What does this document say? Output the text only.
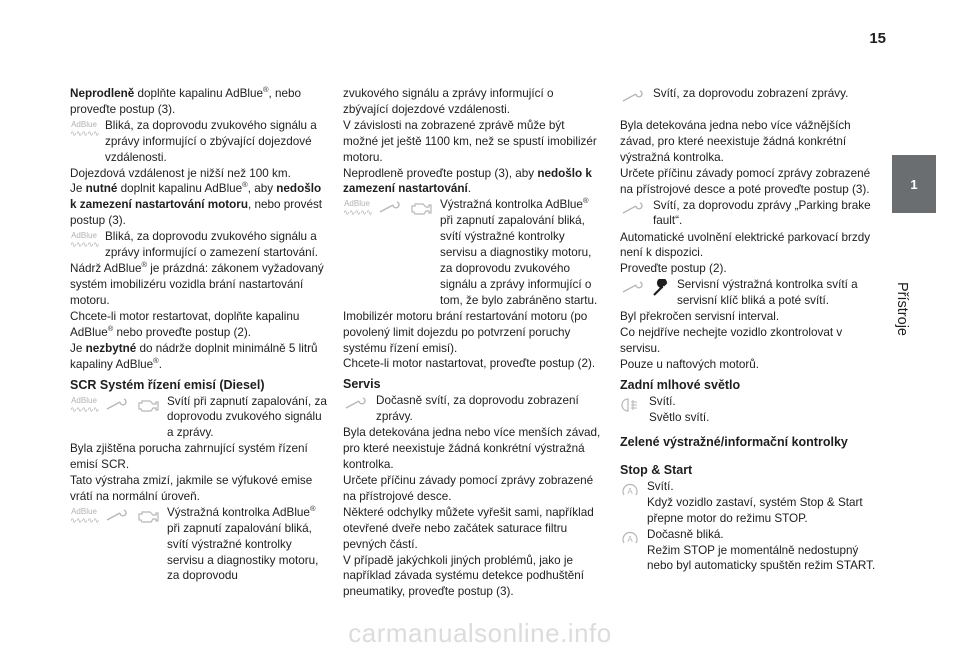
15
1
Přístroje

Neprodleně doplňte kapalinu AdBlue®, nebo proveďte postup (3).

AdBlue
∿∿∿∿∿
Bliká, za doprovodu zvukového signálu a zprávy informující o zbývající dojezdové vzdálenosti.

Dojezdová vzdálenost je nižší než 100 km.

Je nutné doplnit kapalinu AdBlue®, aby nedošlo k zamezení nastartování motoru, nebo provést postup (3).

AdBlue
∿∿∿∿∿
Bliká, za doprovodu zvukového signálu a zprávy informující o zamezení startování.

Nádrž AdBlue® je prázdná: zákonem vyžadovaný systém imobilizéru vozidla brání nastartování motoru.

Chcete-li motor restartovat, doplňte kapalinu AdBlue® nebo proveďte postup (2).

Je nezbytné do nádrže doplnit minimálně 5 litrů kapaliny AdBlue®.

SCR Systém řízení emisí (Diesel)
AdBlue
∿∿∿∿∿
Svítí při zapnutí zapalování, za doprovodu zvukového signálu a zprávy.

Byla zjištěna porucha zahrnující systém řízení emisí SCR.

Tato výstraha zmizí, jakmile se výfukové emise vrátí na normální úroveň.

AdBlue
∿∿∿∿∿
Výstražná kontrolka AdBlue® při zapnutí zapalování bliká, svítí výstražné kontrolky servisu a diagnostiky motoru, za doprovodu

zvukového signálu a zprávy informující o zbývající dojezdové vzdálenosti.

V závislosti na zobrazené zprávě může být možné jet ještě 1100 km, než se spustí imobilizér motoru.

Neprodleně proveďte postup (3), aby nedošlo k zamezení nastartování.

AdBlue
∿∿∿∿∿
Výstražná kontrolka AdBlue® při zapnutí zapalování bliká, svítí výstražné kontrolky servisu a diagnostiky motoru, za doprovodu zvukového signálu a zprávy informující o tom, že bylo zabráněno startu.

Imobilizér motoru brání restartování motoru (po povolený limit dojezdu po potvrzení poruchy systému řízení emisí).

Chcete-li motor nastartovat, proveďte postup (2).

Servis
Dočasně svítí, za doprovodu zobrazení zprávy.

Byla detekována jedna nebo více menších závad, pro které neexistuje žádná konkrétní výstražná kontrolka.

Určete příčinu závady pomocí zprávy zobrazené na přístrojové desce.

Některé odchylky můžete vyřešit sami, například otevřené dveře nebo začátek saturace filtru pevných částí.

V případě jakýchkoli jiných problémů, jako je například závada systému detekce podhuštění pneumatiky, proveďte postup (3).

Svítí, za doprovodu zobrazení zprávy.

Byla detekována jedna nebo více vážnějších závad, pro které neexistuje žádná konkrétní výstražná kontrolka.

Určete příčinu závady pomocí zprávy zobrazené na přístrojové desce a poté proveďte postup (3).

Svítí, za doprovodu zprávy „Parking brake fault“.

Automatické uvolnění elektrické parkovací brzdy není k dispozici.

Proveďte postup (2).

Servisní výstražná kontrolka svítí a servisní klíč bliká a poté svítí.

Byl překročen servisní interval.

Co nejdříve nechejte vozidlo zkontrolovat v servisu.

Pouze u naftových motorů.

Zadní mlhové světlo
Svítí.
Světlo svítí.
Zelené výstražné/informační kontrolky
Stop & Start
A Svítí.
Když vozidlo zastaví, systém Stop & Start přepne motor do režimu STOP.
A Dočasně bliká.
Režim STOP je momentálně nedostupný nebo byl automaticky spuštěn režim START.
carmanualsonline.info
